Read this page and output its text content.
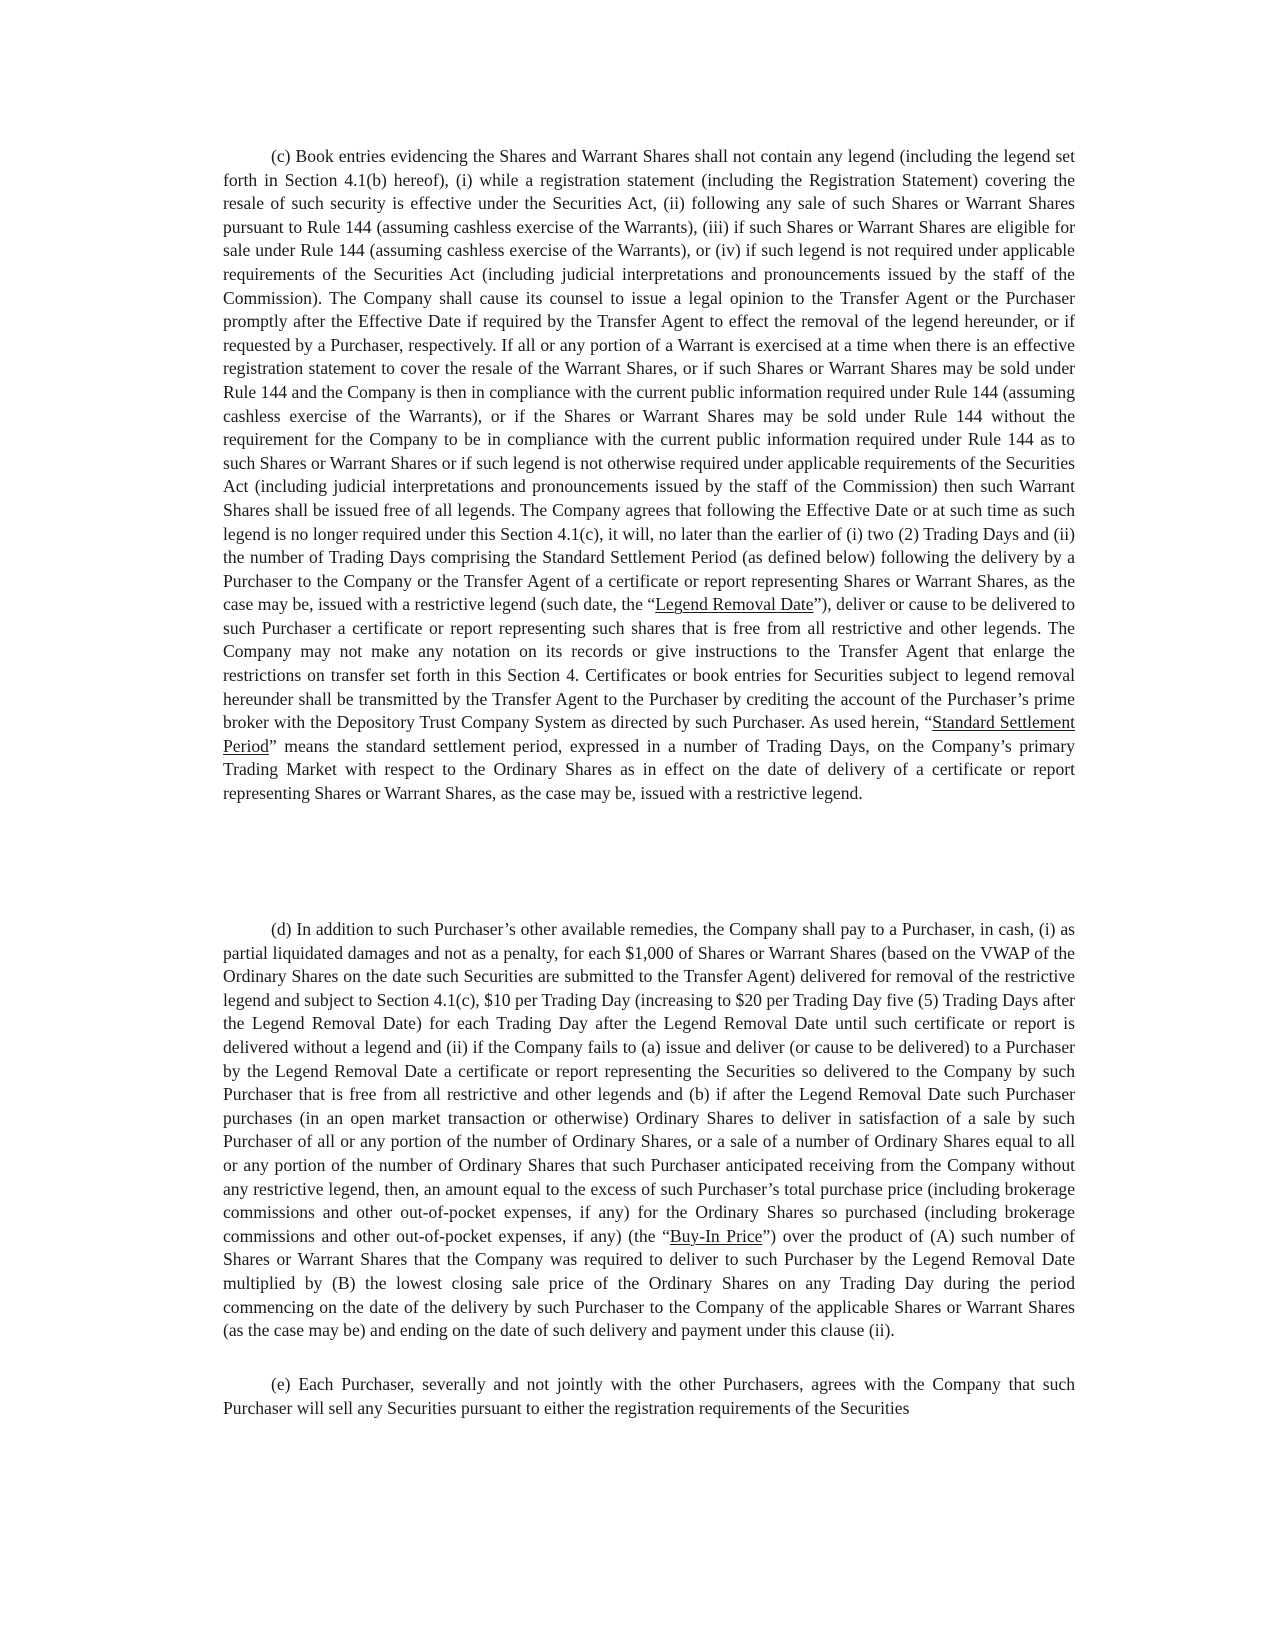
(c) Book entries evidencing the Shares and Warrant Shares shall not contain any legend (including the legend set forth in Section 4.1(b) hereof), (i) while a registration statement (including the Registration Statement) covering the resale of such security is effective under the Securities Act, (ii) following any sale of such Shares or Warrant Shares pursuant to Rule 144 (assuming cashless exercise of the Warrants), (iii) if such Shares or Warrant Shares are eligible for sale under Rule 144 (assuming cashless exercise of the Warrants), or (iv) if such legend is not required under applicable requirements of the Securities Act (including judicial interpretations and pronouncements issued by the staff of the Commission). The Company shall cause its counsel to issue a legal opinion to the Transfer Agent or the Purchaser promptly after the Effective Date if required by the Transfer Agent to effect the removal of the legend hereunder, or if requested by a Purchaser, respectively. If all or any portion of a Warrant is exercised at a time when there is an effective registration statement to cover the resale of the Warrant Shares, or if such Shares or Warrant Shares may be sold under Rule 144 and the Company is then in compliance with the current public information required under Rule 144 (assuming cashless exercise of the Warrants), or if the Shares or Warrant Shares may be sold under Rule 144 without the requirement for the Company to be in compliance with the current public information required under Rule 144 as to such Shares or Warrant Shares or if such legend is not otherwise required under applicable requirements of the Securities Act (including judicial interpretations and pronouncements issued by the staff of the Commission) then such Warrant Shares shall be issued free of all legends. The Company agrees that following the Effective Date or at such time as such legend is no longer required under this Section 4.1(c), it will, no later than the earlier of (i) two (2) Trading Days and (ii) the number of Trading Days comprising the Standard Settlement Period (as defined below) following the delivery by a Purchaser to the Company or the Transfer Agent of a certificate or report representing Shares or Warrant Shares, as the case may be, issued with a restrictive legend (such date, the “Legend Removal Date”), deliver or cause to be delivered to such Purchaser a certificate or report representing such shares that is free from all restrictive and other legends. The Company may not make any notation on its records or give instructions to the Transfer Agent that enlarge the restrictions on transfer set forth in this Section 4. Certificates or book entries for Securities subject to legend removal hereunder shall be transmitted by the Transfer Agent to the Purchaser by crediting the account of the Purchaser’s prime broker with the Depository Trust Company System as directed by such Purchaser. As used herein, “Standard Settlement Period” means the standard settlement period, expressed in a number of Trading Days, on the Company’s primary Trading Market with respect to the Ordinary Shares as in effect on the date of delivery of a certificate or report representing Shares or Warrant Shares, as the case may be, issued with a restrictive legend.

(d) In addition to such Purchaser’s other available remedies, the Company shall pay to a Purchaser, in cash, (i) as partial liquidated damages and not as a penalty, for each $1,000 of Shares or Warrant Shares (based on the VWAP of the Ordinary Shares on the date such Securities are submitted to the Transfer Agent) delivered for removal of the restrictive legend and subject to Section 4.1(c), $10 per Trading Day (increasing to $20 per Trading Day five (5) Trading Days after the Legend Removal Date) for each Trading Day after the Legend Removal Date until such certificate or report is delivered without a legend and (ii) if the Company fails to (a) issue and deliver (or cause to be delivered) to a Purchaser by the Legend Removal Date a certificate or report representing the Securities so delivered to the Company by such Purchaser that is free from all restrictive and other legends and (b) if after the Legend Removal Date such Purchaser purchases (in an open market transaction or otherwise) Ordinary Shares to deliver in satisfaction of a sale by such Purchaser of all or any portion of the number of Ordinary Shares, or a sale of a number of Ordinary Shares equal to all or any portion of the number of Ordinary Shares that such Purchaser anticipated receiving from the Company without any restrictive legend, then, an amount equal to the excess of such Purchaser’s total purchase price (including brokerage commissions and other out-of-pocket expenses, if any) for the Ordinary Shares so purchased (including brokerage commissions and other out-of-pocket expenses, if any) (the “Buy-In Price”) over the product of (A) such number of Shares or Warrant Shares that the Company was required to deliver to such Purchaser by the Legend Removal Date multiplied by (B) the lowest closing sale price of the Ordinary Shares on any Trading Day during the period commencing on the date of the delivery by such Purchaser to the Company of the applicable Shares or Warrant Shares (as the case may be) and ending on the date of such delivery and payment under this clause (ii).

(e) Each Purchaser, severally and not jointly with the other Purchasers, agrees with the Company that such Purchaser will sell any Securities pursuant to either the registration requirements of the Securities
